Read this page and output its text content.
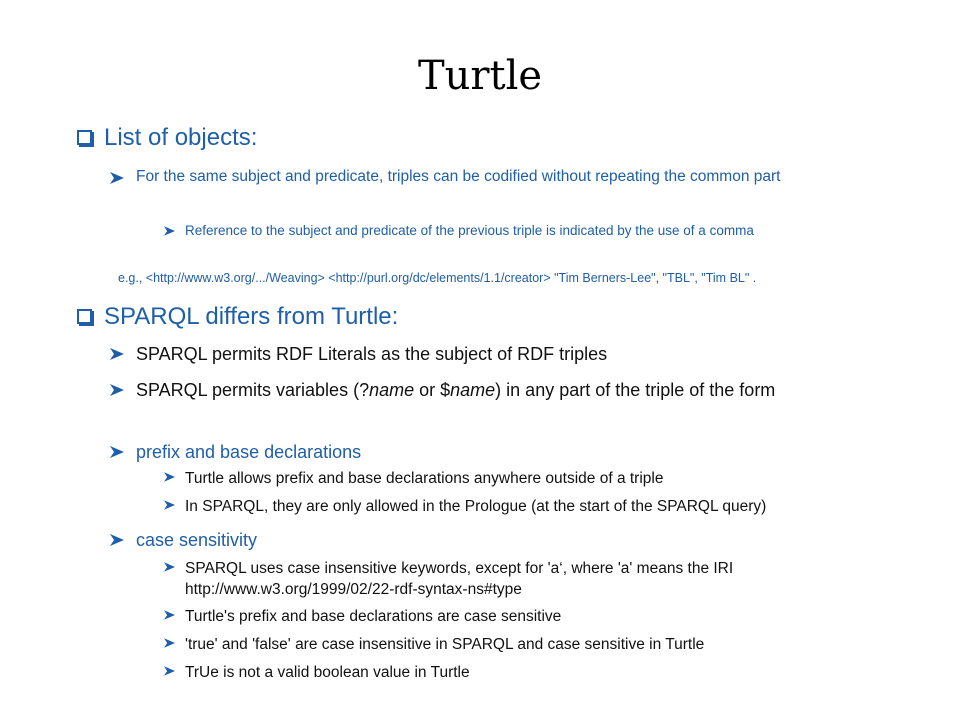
Turtle
List of objects:
For the same subject and predicate, triples can be codified without repeating the common part
Reference to the subject and predicate of the previous triple is indicated by the use of a comma
e.g., <http://www.w3.org/.../Weaving> <http://purl.org/dc/elements/1.1/creator> "Tim Berners-Lee", "TBL", "Tim BL" .
SPARQL differs from Turtle:
SPARQL permits RDF Literals as the subject of RDF triples
SPARQL permits variables (?name or $name) in any part of the triple of the form
prefix and base declarations
Turtle allows prefix and base declarations anywhere outside of a triple
In SPARQL, they are only allowed in the Prologue (at the start of the SPARQL query)
case sensitivity
SPARQL uses case insensitive keywords, except for 'a‘, where 'a' means the IRI http://www.w3.org/1999/02/22-rdf-syntax-ns#type
Turtle's prefix and base declarations are case sensitive
'true' and 'false' are case insensitive in SPARQL and case sensitive in Turtle
TrUe is not a valid boolean value in Turtle
